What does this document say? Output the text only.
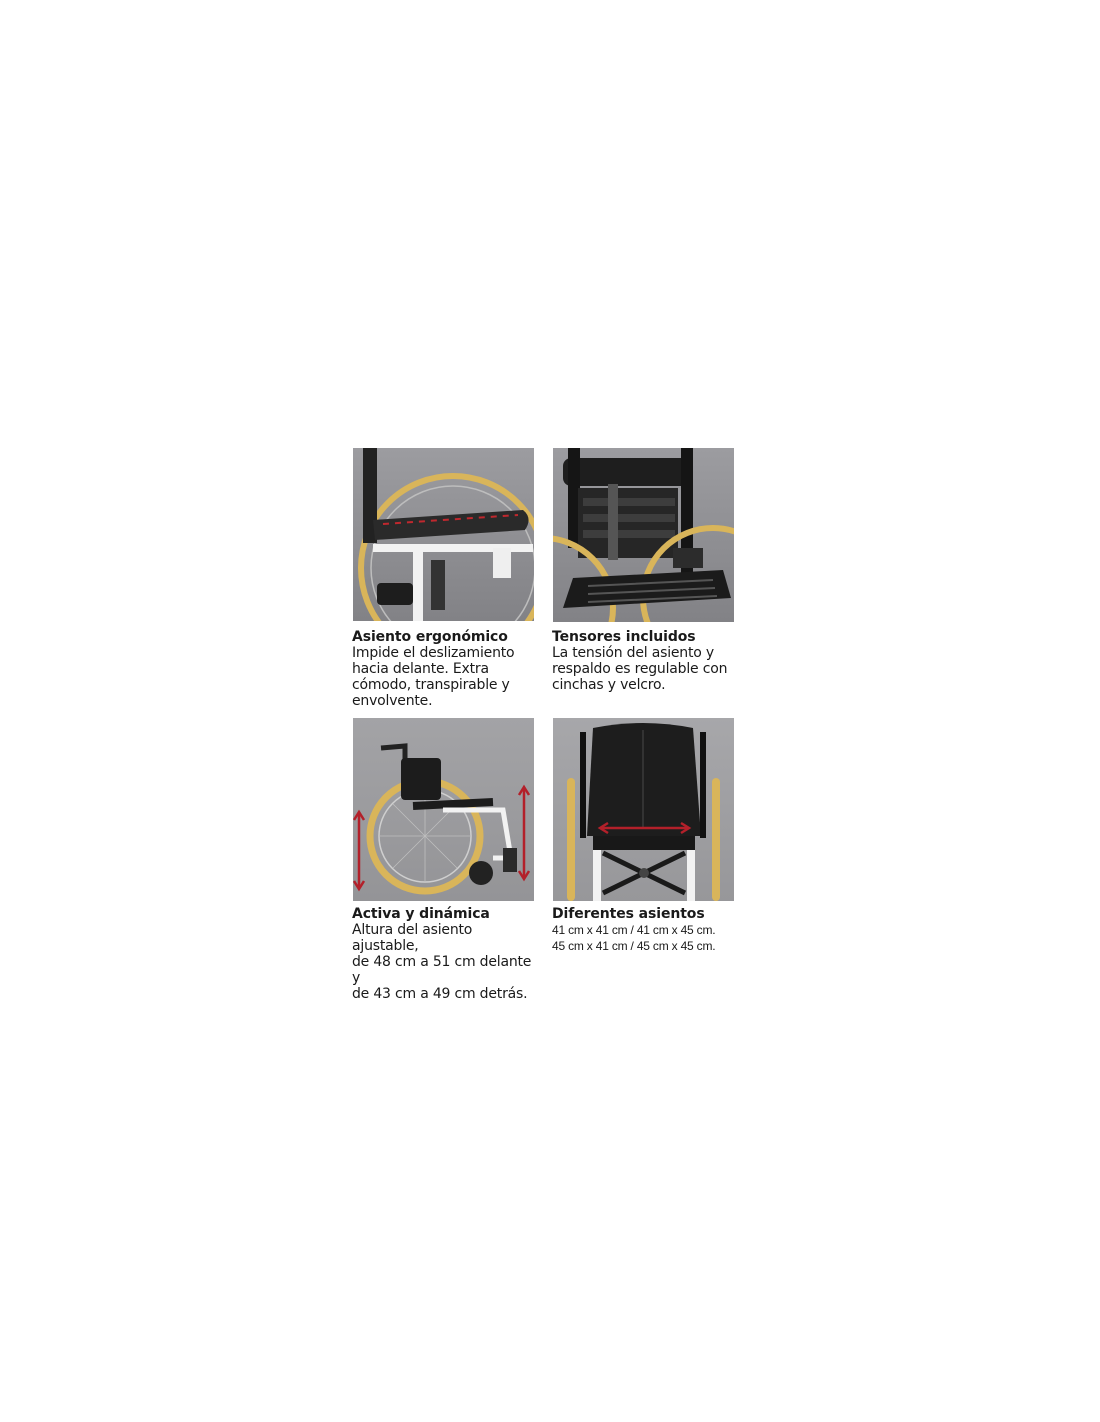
Asiento ergonómico

Impide el deslizamiento
hacia delante. Extra
cómodo, transpirable y
envolvente.

Tensores incluidos

La tensión del asiento y
respaldo es regulable con
cinchas y velcro.

Activa y dinámica

Altura del asiento ajustable,
de 48 cm a 51 cm delante y
de 43 cm a 49 cm detrás.

Diferentes asientos

41 cm x 41 cm / 41 cm x 45 cm.
45 cm x 41 cm / 45 cm x 45 cm.
